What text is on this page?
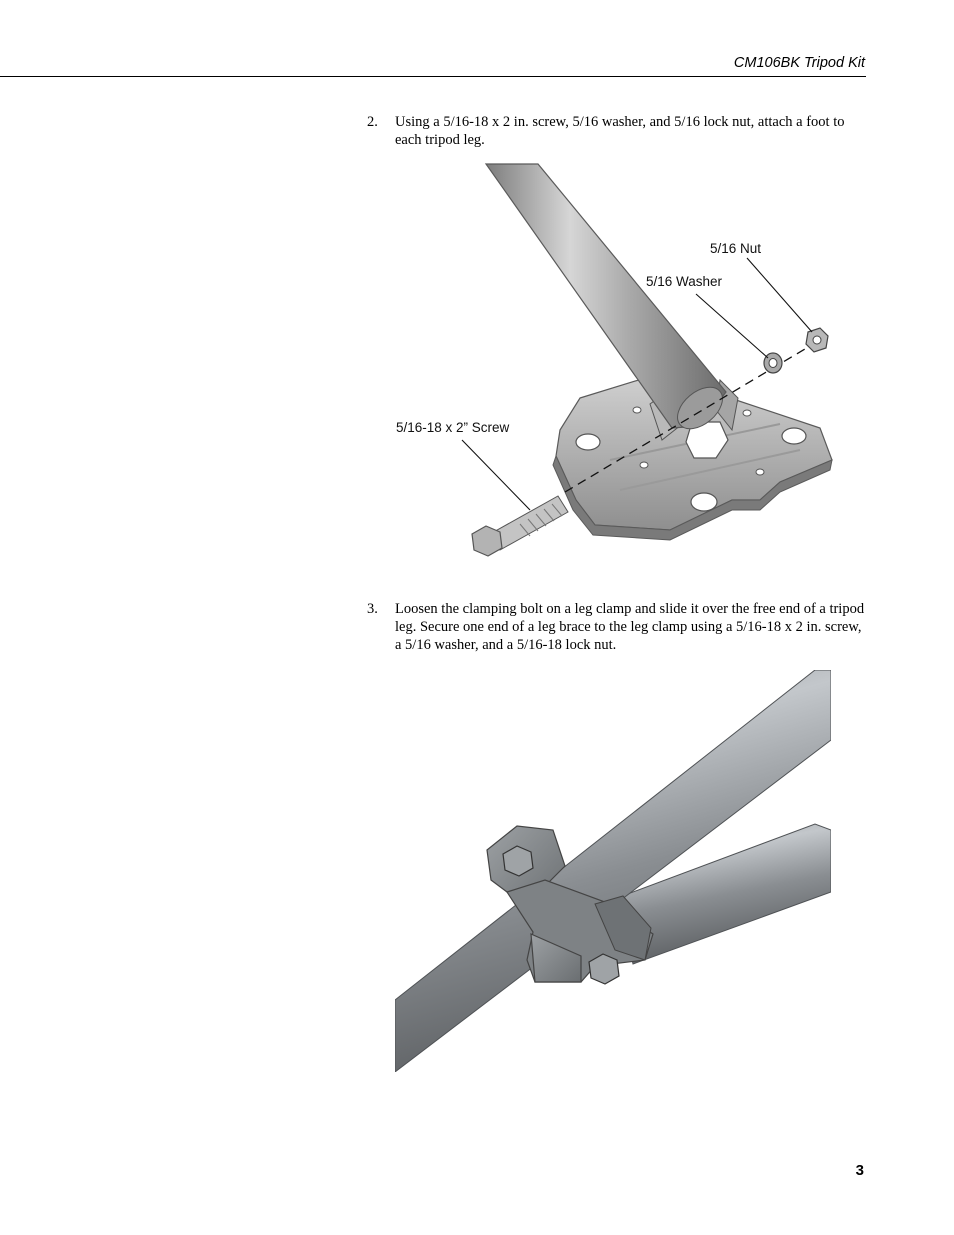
CM106BK Tripod Kit
2. Using a 5/16-18 x 2 in. screw, 5/16 washer, and 5/16 lock nut, attach a foot to each tripod leg.
5/16 Nut
5/16 Washer
5/16-18 x 2” Screw
3. Loosen the clamping bolt on a leg clamp and slide it over the free end of a tripod leg. Secure one end of a leg brace to the leg clamp using a 5/16-18 x 2 in. screw, a 5/16 washer, and a 5/16-18 lock nut.
3
